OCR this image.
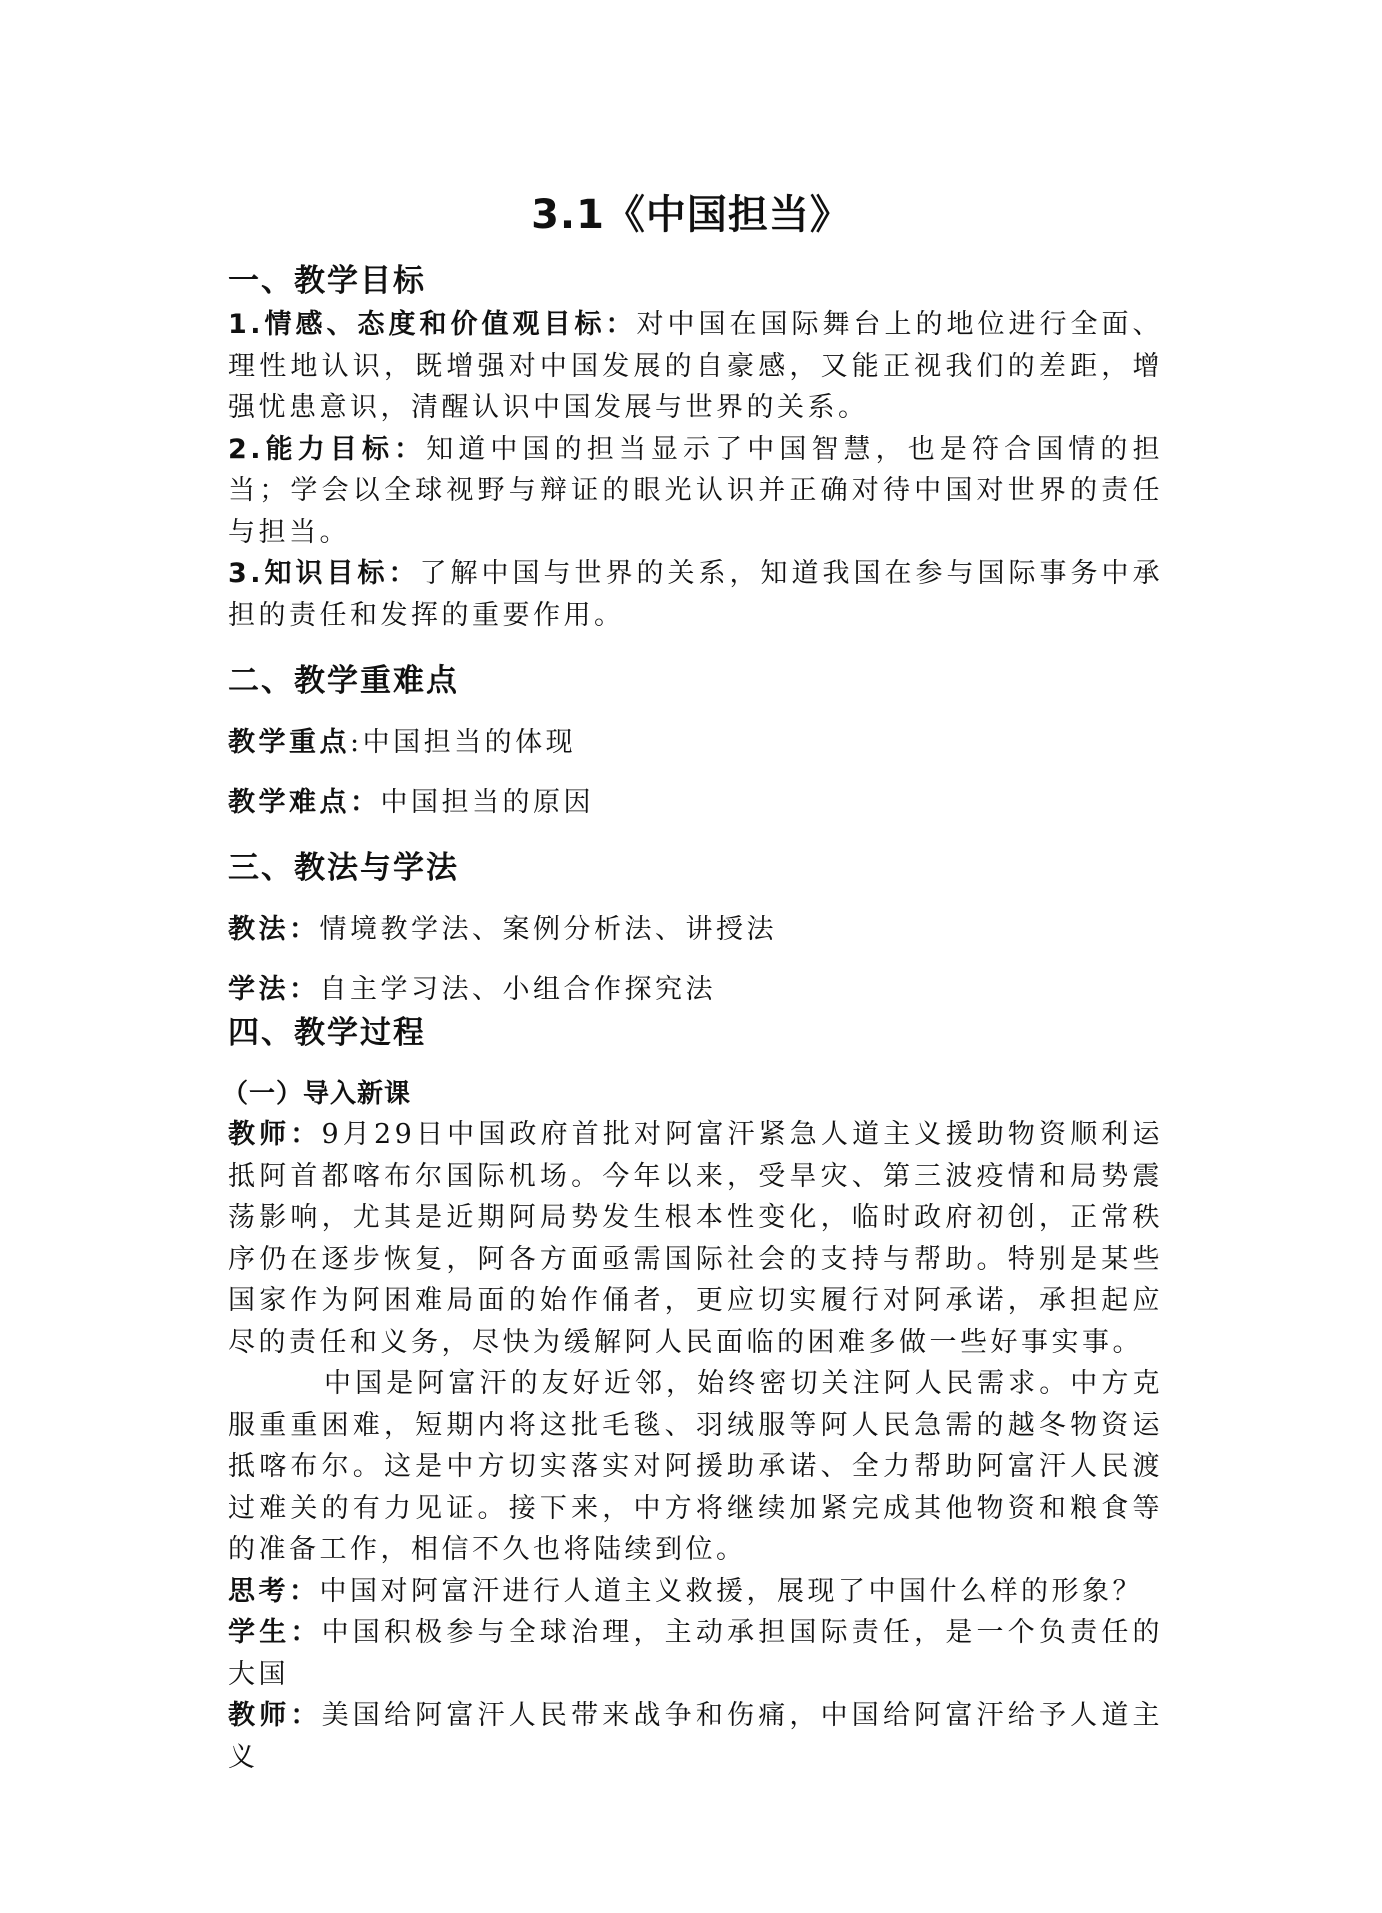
3.1《中国担当》
一、教学目标
1.情感、态度和价值观目标：对中国在国际舞台上的地位进行全面、理性地认识，既增强对中国发展的自豪感，又能正视我们的差距，增强忧患意识，清醒认识中国发展与世界的关系。
2.能力目标：知道中国的担当显示了中国智慧，也是符合国情的担当；学会以全球视野与辩证的眼光认识并正确对待中国对世界的责任与担当。
3.知识目标：了解中国与世界的关系，知道我国在参与国际事务中承担的责任和发挥的重要作用。
二、教学重难点
教学重点:中国担当的体现
教学难点：中国担当的原因
三、教法与学法
教法：情境教学法、案例分析法、讲授法
学法：自主学习法、小组合作探究法
四、教学过程
（一）导入新课
教师：9月29日中国政府首批对阿富汗紧急人道主义援助物资顺利运抵阿首都喀布尔国际机场。今年以来，受旱灾、第三波疫情和局势震荡影响，尤其是近期阿局势发生根本性变化，临时政府初创，正常秩序仍在逐步恢复，阿各方面亟需国际社会的支持与帮助。特别是某些国家作为阿困难局面的始作俑者，更应切实履行对阿承诺，承担起应尽的责任和义务，尽快为缓解阿人民面临的困难多做一些好事实事。
中国是阿富汗的友好近邻，始终密切关注阿人民需求。中方克服重重困难，短期内将这批毛毯、羽绒服等阿人民急需的越冬物资运抵喀布尔。这是中方切实落实对阿援助承诺、全力帮助阿富汗人民渡过难关的有力见证。接下来，中方将继续加紧完成其他物资和粮食等的准备工作，相信不久也将陆续到位。
思考：中国对阿富汗进行人道主义救援，展现了中国什么样的形象？
学生：中国积极参与全球治理，主动承担国际责任，是一个负责任的大国
教师：美国给阿富汗人民带来战争和伤痛，中国给阿富汗给予人道主义
